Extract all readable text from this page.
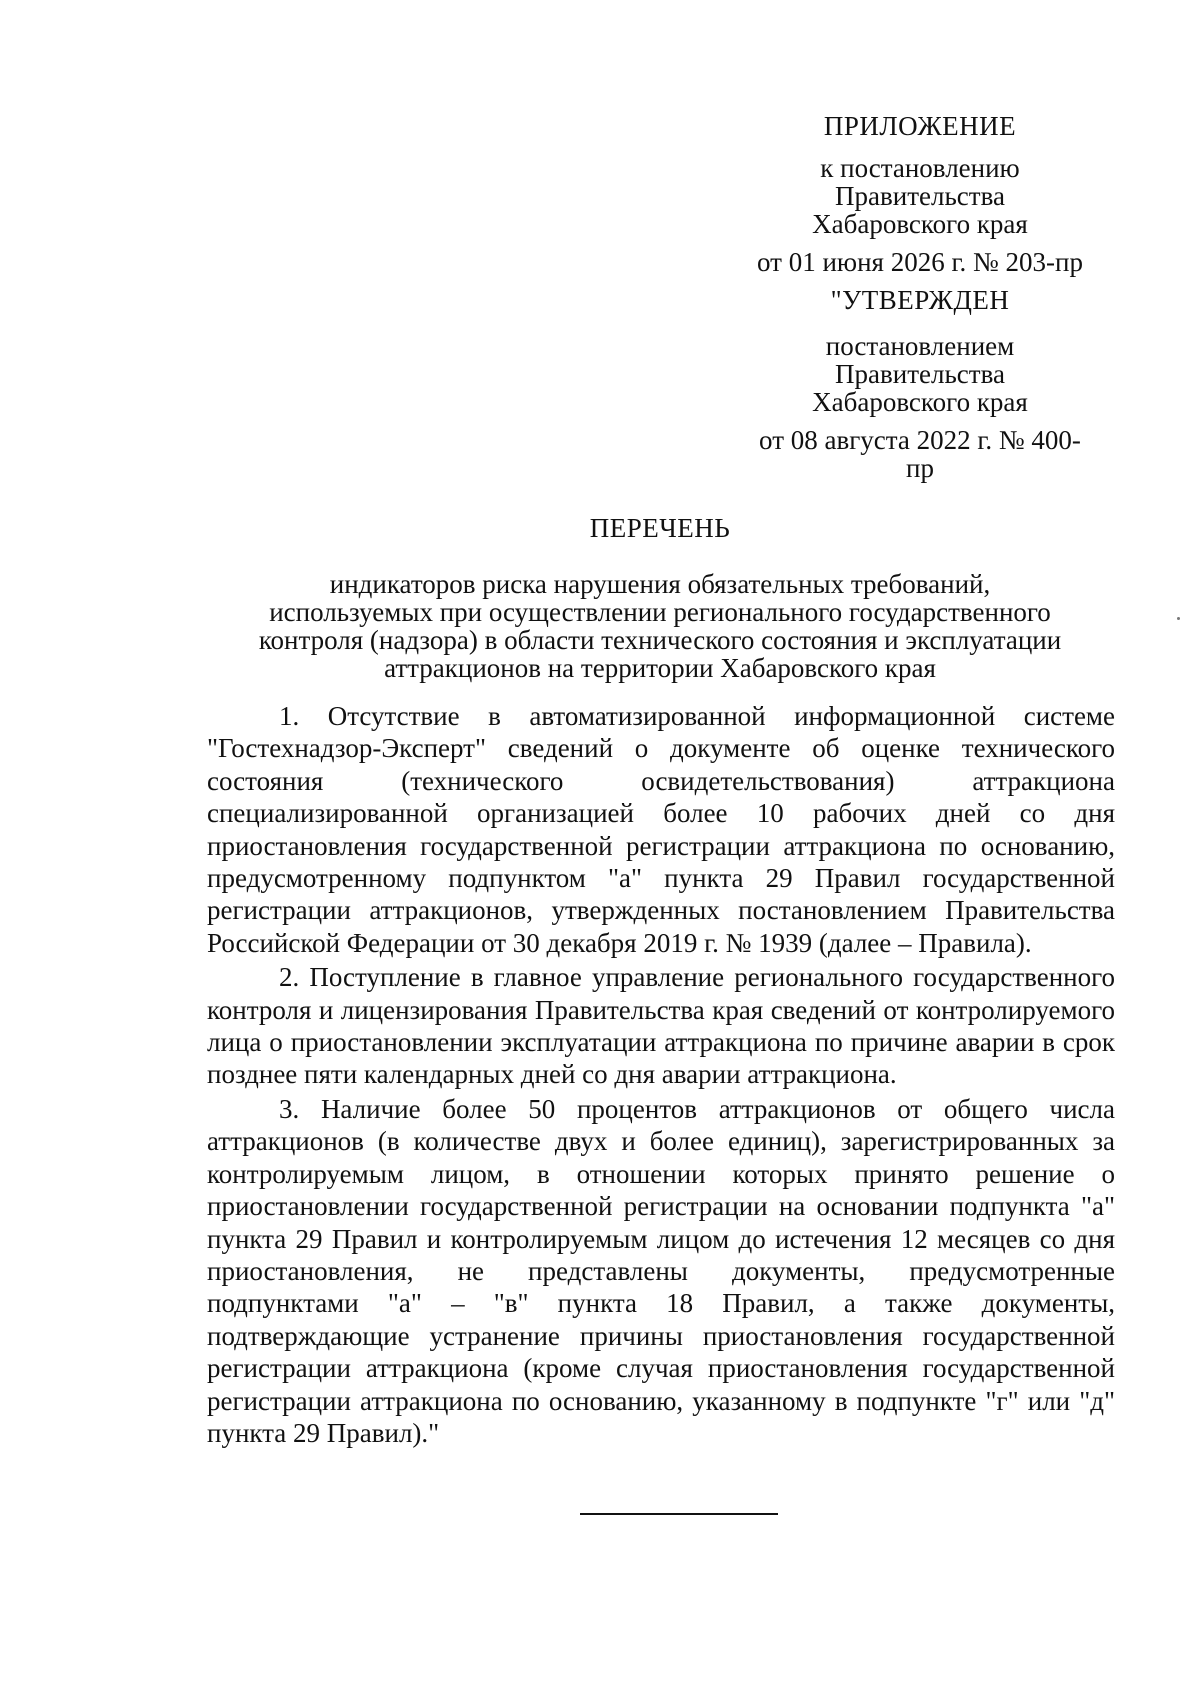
ПРИЛОЖЕНИЕ
к постановлению
Правительства
Хабаровского края
от 01 июня 2026 г. № 203-пр
"УТВЕРЖДЕН
постановлением
Правительства
Хабаровского края
от 08 августа 2022 г. № 400-пр
ПЕРЕЧЕНЬ
индикаторов риска нарушения обязательных требований,
используемых при осуществлении регионального государственного
контроля (надзора) в области технического состояния и эксплуатации
аттракционов на территории Хабаровского края

1. Отсутствие в автоматизированной информационной системе "Гостехнадзор-Эксперт" сведений о документе об оценке технического состояния (технического освидетельствования) аттракциона специализированной организацией более 10 рабочих дней со дня приостановления государственной регистрации аттракциона по основанию, предусмотренному подпунктом "а" пункта 29 Правил государственной регистрации аттракционов, утвержденных постановлением Правительства Российской Федерации от 30 декабря 2019 г. № 1939 (далее – Правила).

2. Поступление в главное управление регионального государственного контроля и лицензирования Правительства края сведений от контролируемого лица о приостановлении эксплуатации аттракциона по причине аварии в срок позднее пяти календарных дней со дня аварии аттракциона.

3. Наличие более 50 процентов аттракционов от общего числа аттракционов (в количестве двух и более единиц), зарегистрированных за контролируемым лицом, в отношении которых принято решение о приостановлении государственной регистрации на основании подпункта "а" пункта 29 Правил и контролируемым лицом до истечения 12 месяцев со дня приостановления, не представлены документы, предусмотренные подпунктами "а" – "в" пункта 18 Правил, а также документы, подтверждающие устранение причины приостановления государственной регистрации аттракциона (кроме случая приостановления государственной регистрации аттракциона по основанию, указанному в подпункте "г" или "д" пункта 29 Правил)."
